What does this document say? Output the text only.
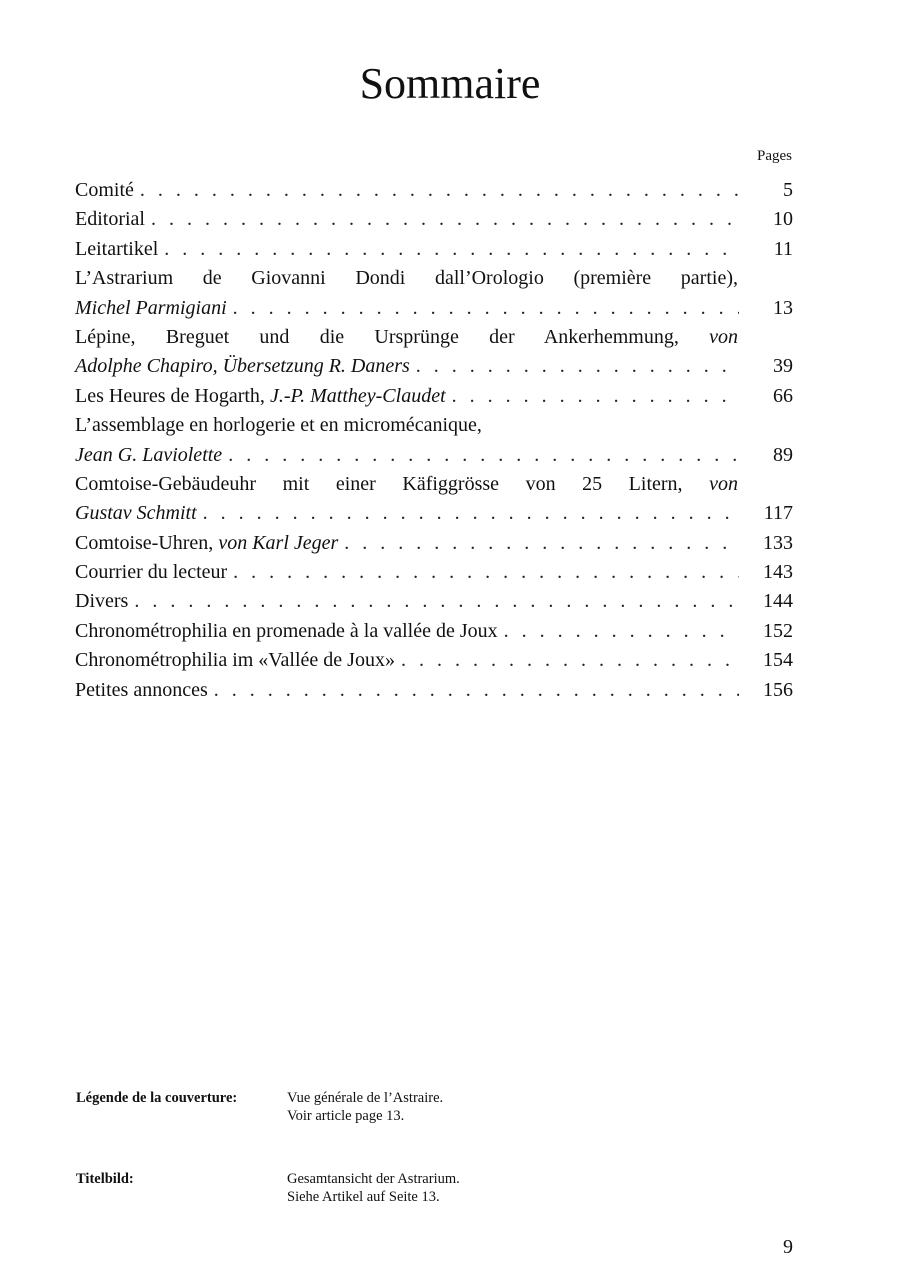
Sommaire
Pages
Comité . . .	5
Editorial . . .	10
Leitartikel . . .	11
L’Astrarium de Giovanni Dondi dall’Orologio (première partie),
Michel Parmigiani . . .	13
Lépine, Breguet und die Ursprünge der Ankerhemmung, von
Adolphe Chapiro, Übersetzung R. Daners . . .	39
Les Heures de Hogarth, J.-P. Matthey-Claudet . . .	66
L’assemblage en horlogerie et en micromécanique,
Jean G. Laviolette . . .	89
Comtoise-Gebäudeuhr mit einer Käfiggrösse von 25 Litern, von
Gustav Schmitt . . .	117
Comtoise-Uhren, von Karl Jeger . . .	133
Courrier du lecteur . . .	143
Divers . . .	144
Chronométrophilia en promenade à la vallée de Joux . . .	152
Chronométrophilia im «Vallée de Joux» . . .	154
Petites annonces . . .	156
Légende de la couverture:	Vue générale de l’Astraire.
Voir article page 13.
Titelbild:	Gesamtansicht der Astrarium.
Siehe Artikel auf Seite 13.
9
